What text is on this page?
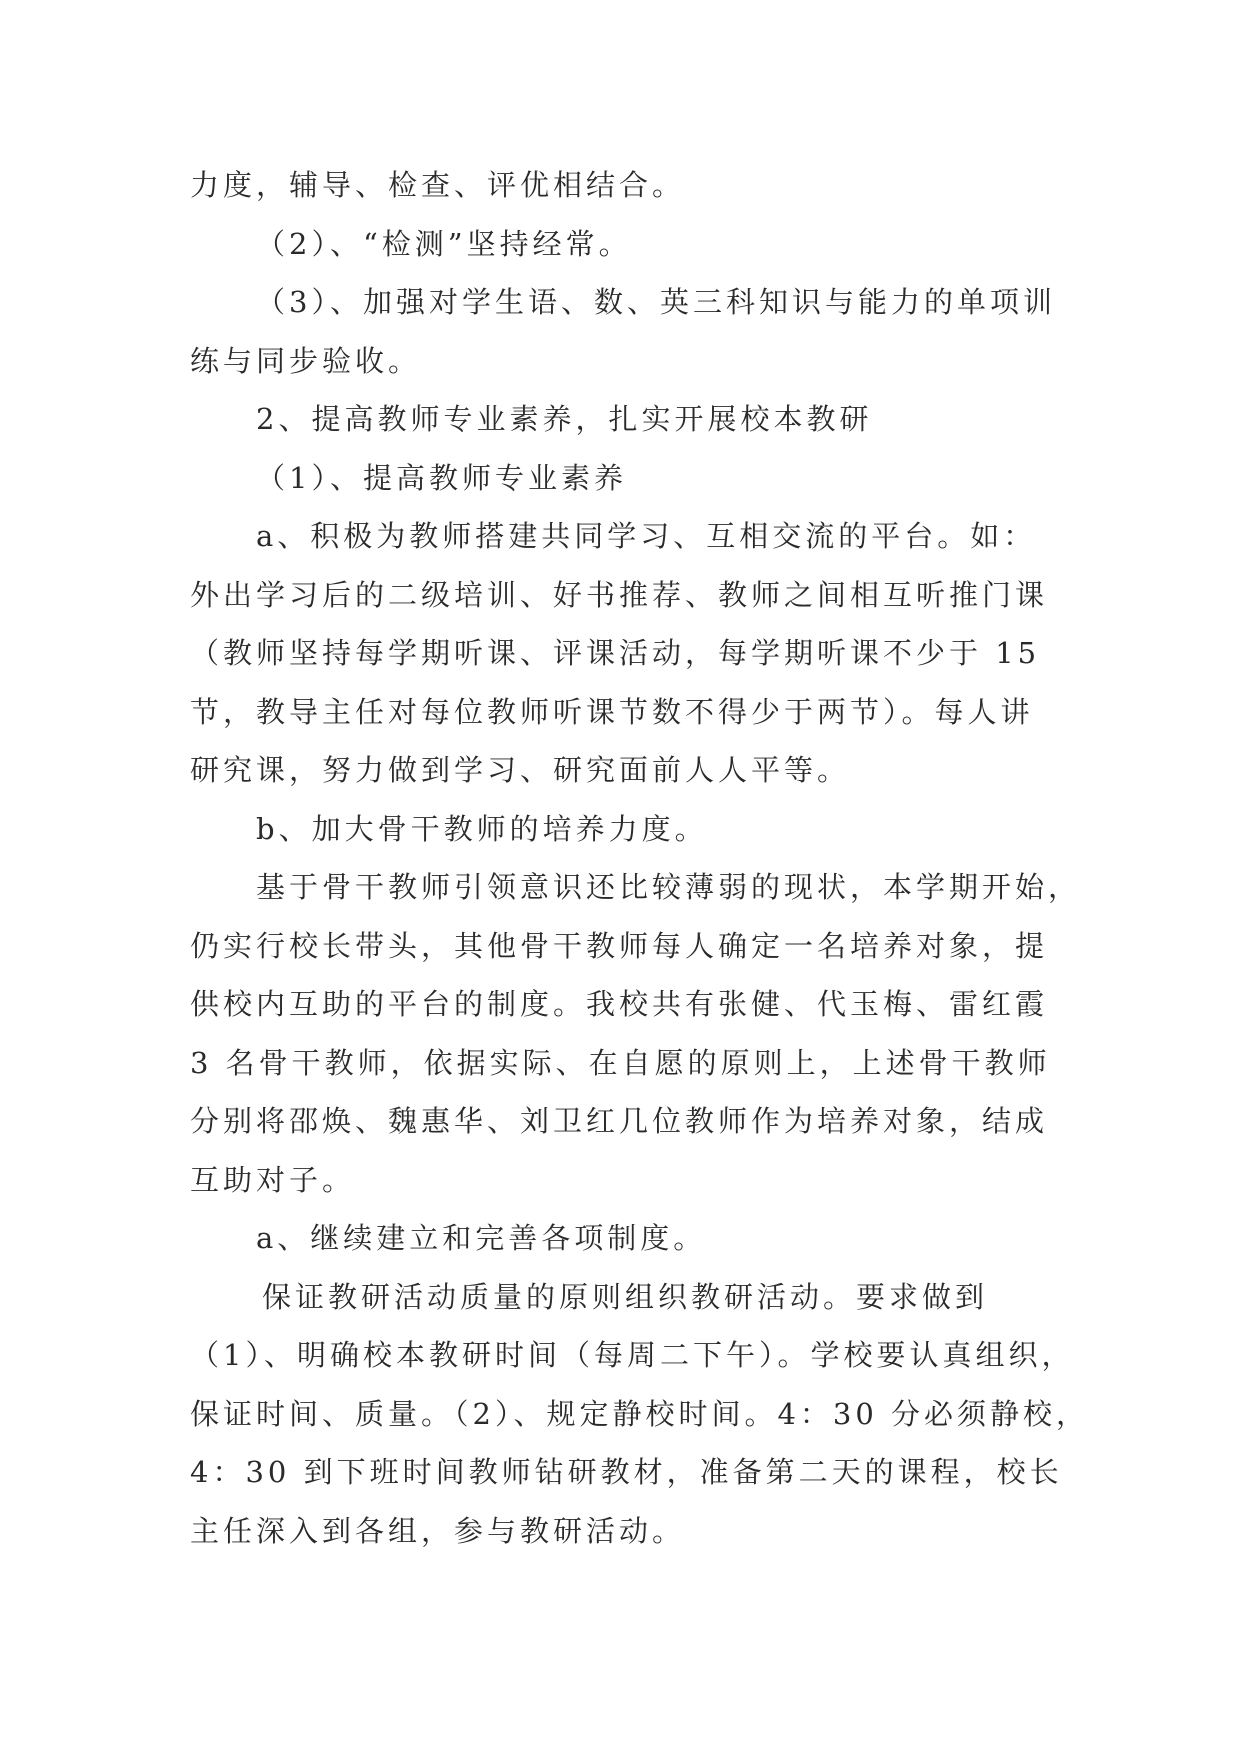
力度，辅导、检查、评优相结合。
（2）、“检测”坚持经常。
（3）、加强对学生语、数、英三科知识与能力的单项训
练与同步验收。
2、提高教师专业素养，扎实开展校本教研
（1）、提高教师专业素养
a、积极为教师搭建共同学习、互相交流的平台。如：
外出学习后的二级培训、好书推荐、教师之间相互听推门课
（教师坚持每学期听课、评课活动，每学期听课不少于 15
节，教导主任对每位教师听课节数不得少于两节）。每人讲
研究课，努力做到学习、研究面前人人平等。
b、加大骨干教师的培养力度。
基于骨干教师引领意识还比较薄弱的现状，本学期开始，
仍实行校长带头，其他骨干教师每人确定一名培养对象，提
供校内互助的平台的制度。我校共有张健、代玉梅、雷红霞
3 名骨干教师，依据实际、在自愿的原则上，上述骨干教师
分别将邵焕、魏惠华、刘卫红几位教师作为培养对象，结成
互助对子。
a、继续建立和完善各项制度。
保证教研活动质量的原则组织教研活动。要求做到
（1）、明确校本教研时间（每周二下午）。学校要认真组织，
保证时间、质量。（2）、规定静校时间。4：30 分必须静校，
4：30 到下班时间教师钻研教材，准备第二天的课程，校长
主任深入到各组，参与教研活动。
